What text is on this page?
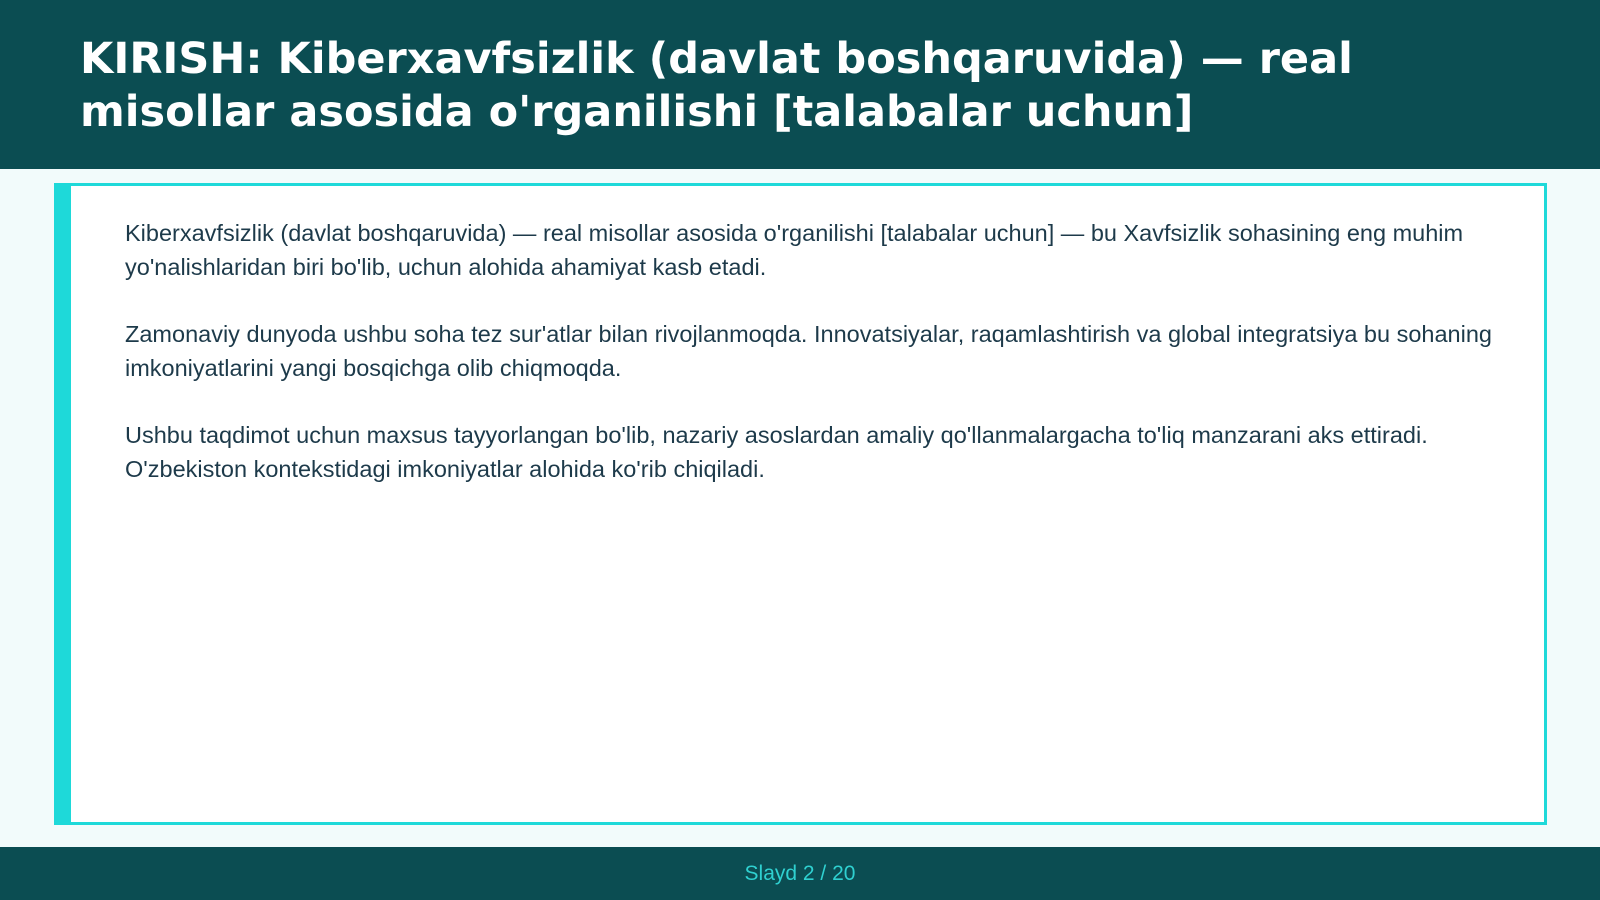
KIRISH: Kiberxavfsizlik (davlat boshqaruvida) — real misollar asosida o'rganilishi [talabalar uchun]

Kiberxavfsizlik (davlat boshqaruvida) — real misollar asosida o'rganilishi [talabalar uchun] — bu Xavfsizlik sohasining eng muhim yo'nalishlaridan biri bo'lib, uchun alohida ahamiyat kasb etadi.

Zamonaviy dunyoda ushbu soha tez sur'atlar bilan rivojlanmoqda. Innovatsiyalar, raqamlashtirish va global integratsiya bu sohaning imkoniyatlarini yangi bosqichga olib chiqmoqda.

Ushbu taqdimot uchun maxsus tayyorlangan bo'lib, nazariy asoslardan amaliy qo'llanmalargacha to'liq manzarani aks ettiradi. O'zbekiston kontekstidagi imkoniyatlar alohida ko'rib chiqiladi.

Slayd 2 / 20
